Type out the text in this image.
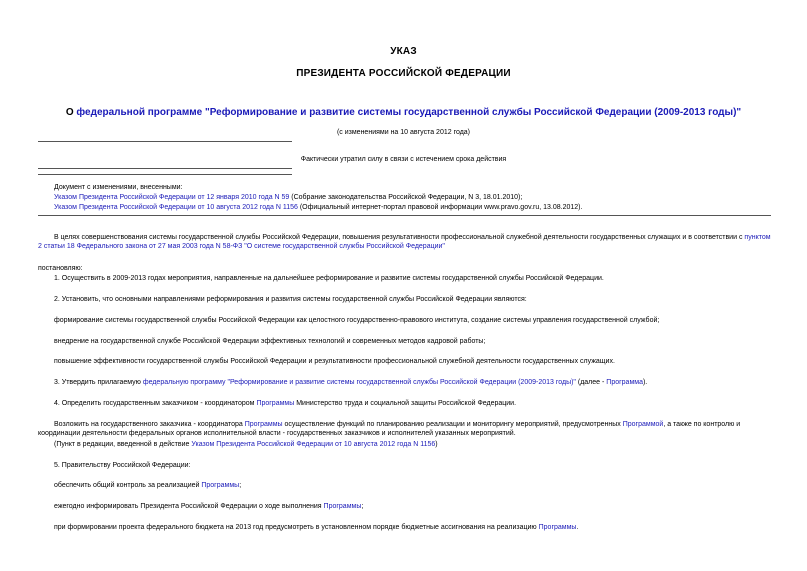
УКАЗ
ПРЕЗИДЕНТА РОССИЙСКОЙ ФЕДЕРАЦИИ
О федеральной программе "Реформирование и развитие системы государственной службы Российской Федерации (2009-2013 годы)"
(с изменениями на 10 августа 2012 года)
Фактически утратил силу в связи с истечением срока действия
Документ с изменениями, внесенными:
Указом Президента Российской Федерации от 12 января 2010 года N 59 (Собрание законодательства Российской Федерации, N 3, 18.01.2010);
Указом Президента Российской Федерации от 10 августа 2012 года N 1156 (Официальный интернет-портал правовой информации www.pravo.gov.ru, 13.08.2012).
В целях совершенствования системы государственной службы Российской Федерации, повышения результативности профессиональной служебной деятельности государственных служащих и в соответствии с пунктом 2 статьи 18 Федерального закона от 27 мая 2003 года N 58-ФЗ "О системе государственной службы Российской Федерации"
постановляю:
1. Осуществить в 2009-2013 годах мероприятия, направленные на дальнейшее реформирование и развитие системы государственной службы Российской Федерации.
2. Установить, что основными направлениями реформирования и развития системы государственной службы Российской Федерации являются:
формирование системы государственной службы Российской Федерации как целостного государственно-правового института, создание системы управления государственной службой;
внедрение на государственной службе Российской Федерации эффективных технологий и современных методов кадровой работы;
повышение эффективности государственной службы Российской Федерации и результативности профессиональной служебной деятельности государственных служащих.
3. Утвердить прилагаемую федеральную программу "Реформирование и развитие системы государственной службы Российской Федерации (2009-2013 годы)" (далее - Программа).
4. Определить государственным заказчиком - координатором Программы Министерство труда и социальной защиты Российской Федерации.
Возложить на государственного заказчика - координатора Программы осуществление функций по планированию реализации и мониторингу мероприятий, предусмотренных Программой, а также по контролю и координации деятельности федеральных органов исполнительной власти - государственных заказчиков и исполнителей указанных мероприятий.
(Пункт в редакции, введенной в действие Указом Президента Российской Федерации от 10 августа 2012 года N 1156)
5. Правительству Российской Федерации:
обеспечить общий контроль за реализацией Программы;
ежегодно информировать Президента Российской Федерации о ходе выполнения Программы;
при формировании проекта федерального бюджета на 2013 год предусмотреть в установленном порядке бюджетные ассигнования на реализацию Программы.
